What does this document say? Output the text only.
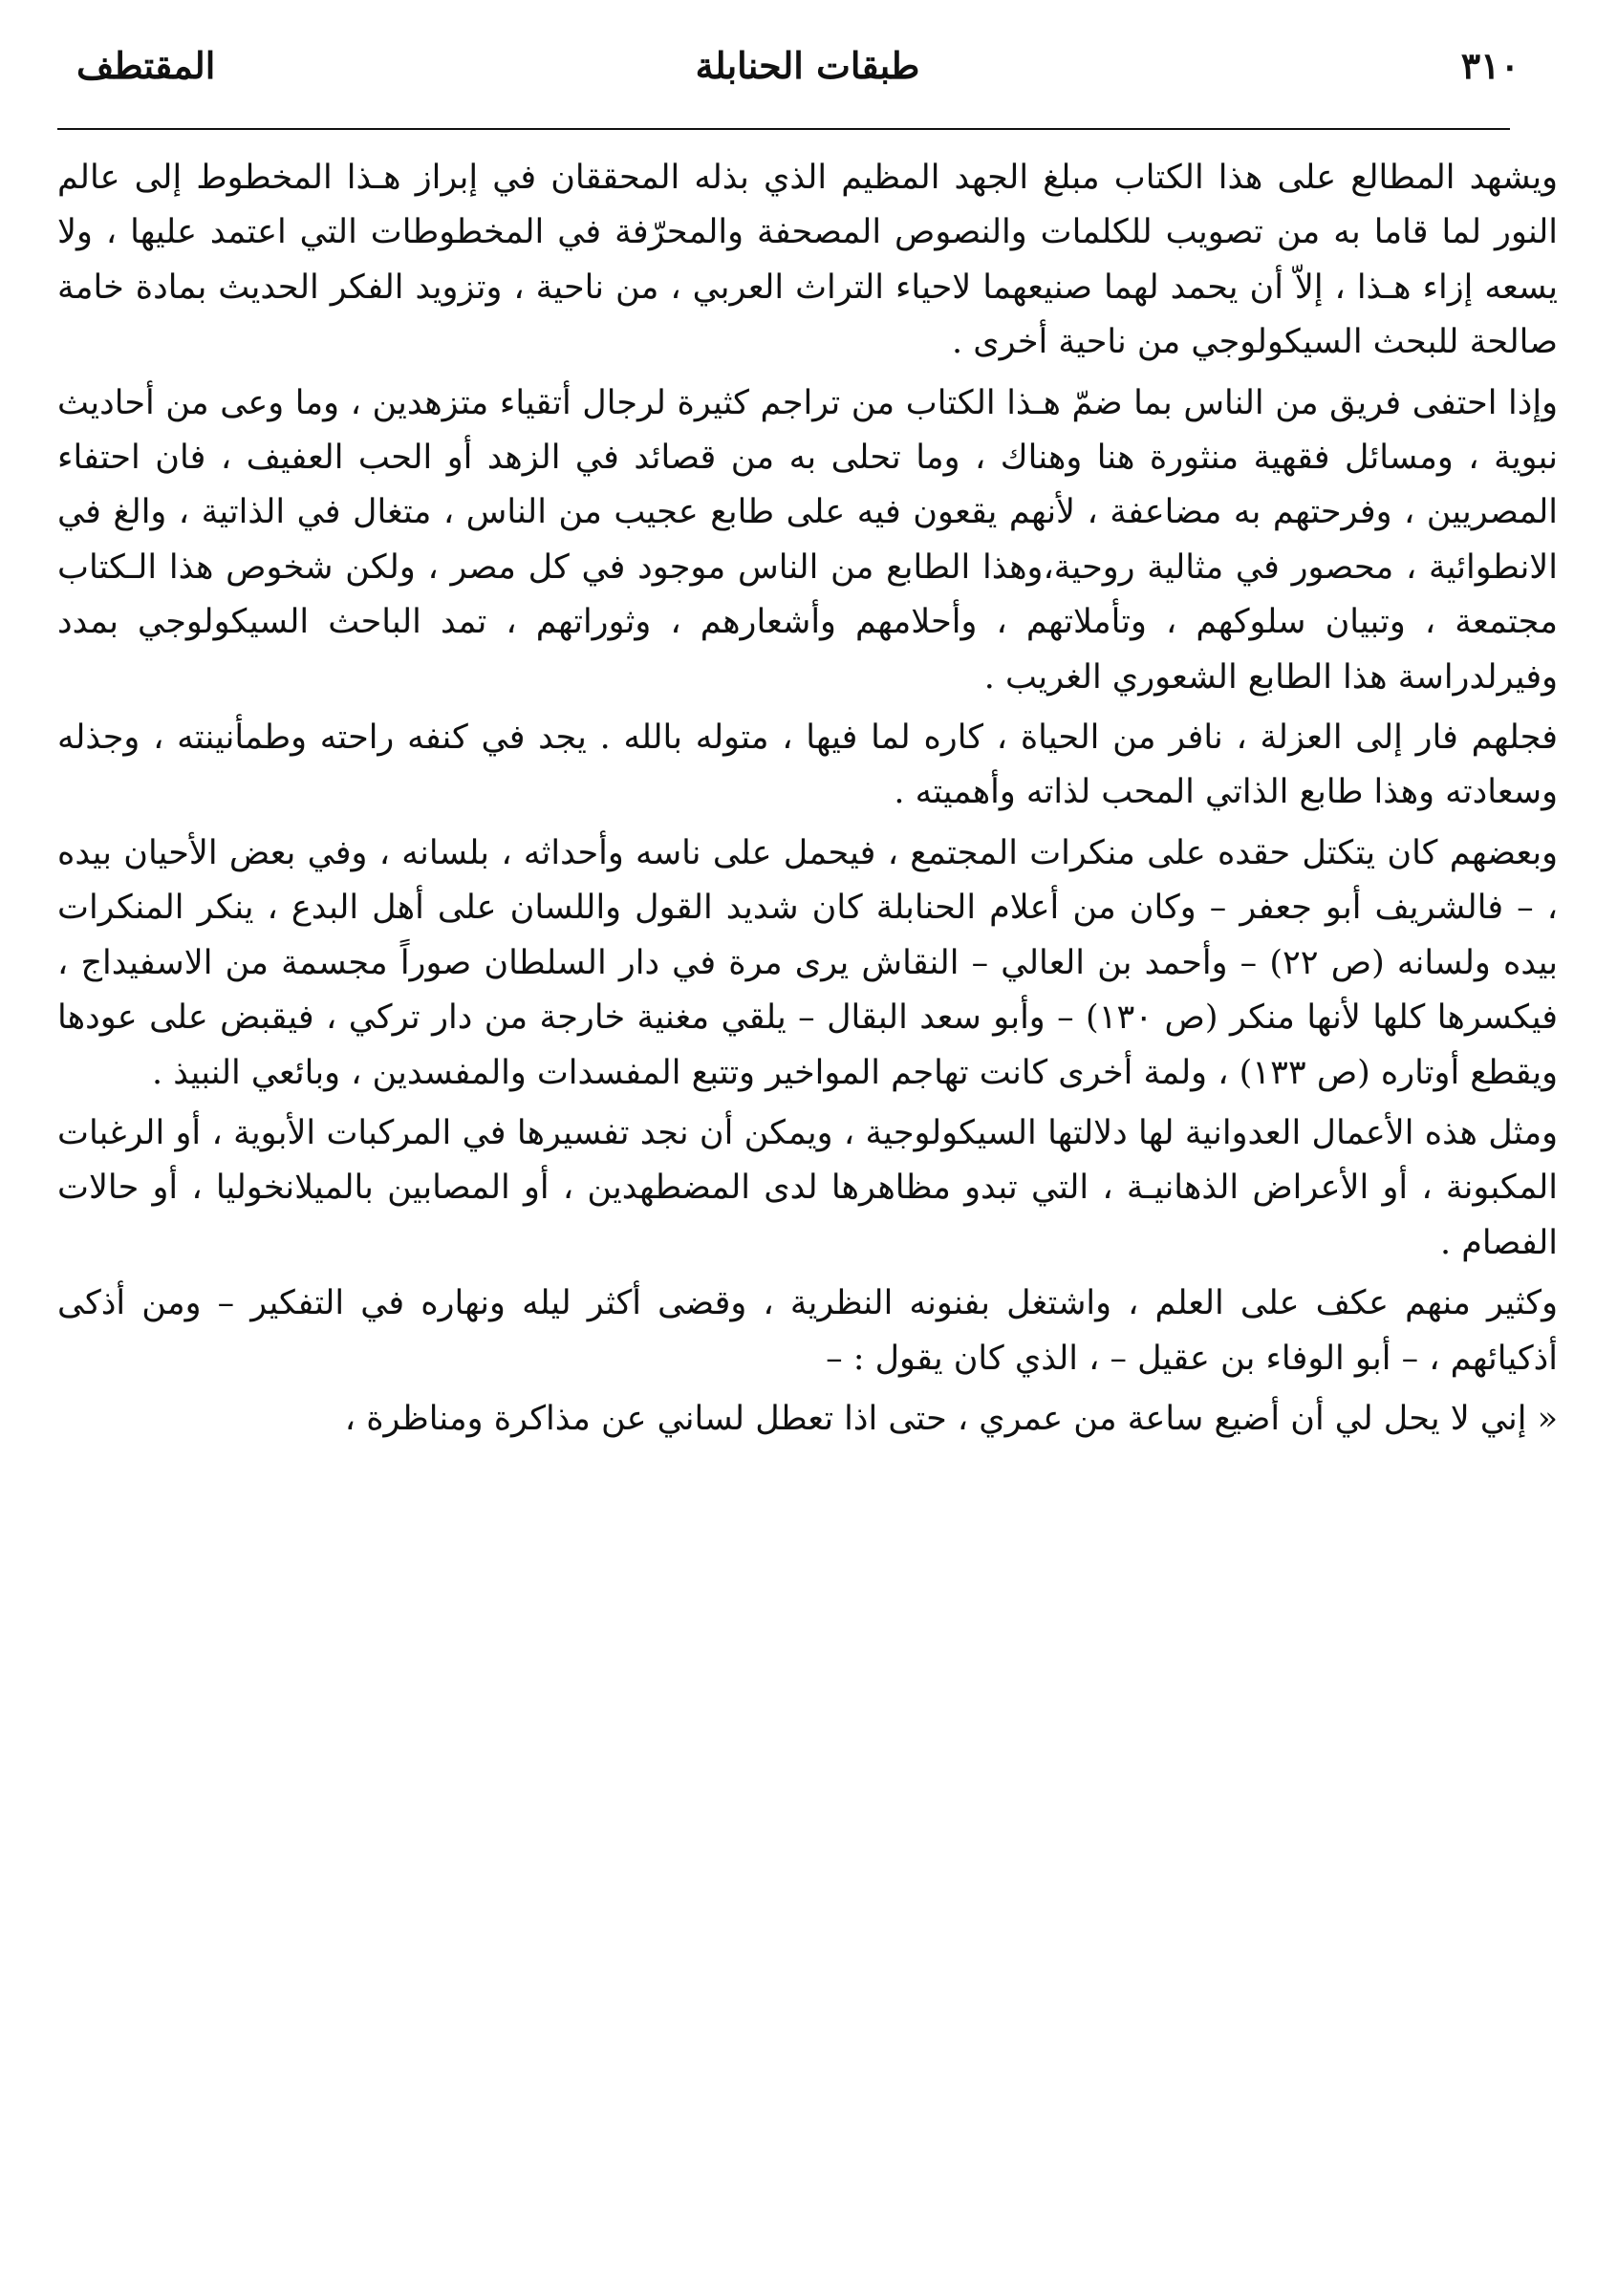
٣١٠
طبقات الحنابلة
المقتطف

ويشهد المطالع على هذا الكتاب مبلغ الجهد المظيم الذي بذله المحققان في إبراز هـذا المخطوط إلى عالم النور لما قاما به من تصويب للكلمات والنصوص المصحفة والمحرّفة في المخطوطات التي اعتمد عليها ، ولا يسعه إزاء هـذا ، إلاّ أن يحمد لهما صنيعهما لاحياء التراث العربي ، من ناحية ، وتزويد الفكر الحديث بمادة خامة صالحة للبحث السيكولوجي من ناحية أخرى .

وإذا احتفى فريق من الناس بما ضمّ هـذا الكتاب من تراجم كثيرة لرجال أتقياء متزهدين ، وما وعى من أحاديث نبوية ، ومسائل فقهية منثورة هنا وهناك ، وما تحلى به من قصائد في الزهد أو الحب العفيف ، فان احتفاء المصريين ، وفرحتهم به مضاعفة ، لأنهم يقعون فيه على طابع عجيب من الناس ، متغال في الذاتية ، والغ في الانطوائية ، محصور في مثالية روحية،وهذا الطابع من الناس موجود في كل مصر ، ولكن شخوص هذا الـكتاب مجتمعة ، وتبيان سلوكهم ، وتأملاتهم ، وأحلامهم وأشعارهم ، وثوراتهم ، تمد الباحث السيكولوجي بمدد وفيرلدراسة هذا الطابع الشعوري الغريب .

فجلهم فار إلى العزلة ، نافر من الحياة ، كاره لما فيها ، متوله بالله . يجد في كنفه راحته وطمأنينته ، وجذله وسعادته وهذا طابع الذاتي المحب لذاته وأهميته .

وبعضهم كان يتكتل حقده على منكرات المجتمع ، فيحمل على ناسه وأحداثه ، بلسانه ، وفي بعض الأحيان بيده ، – فالشريف أبو جعفر – وكان من أعلام الحنابلة كان شديد القول واللسان على أهل البدع ، ينكر المنكرات بيده ولسانه (ص ٢٢) – وأحمد بن العالي – النقاش يرى مرة في دار السلطان صوراً مجسمة من الاسفيداج ، فيكسرها كلها لأنها منكر (ص ١٣٠) – وأبو سعد البقال – يلقي مغنية خارجة من دار تركي ، فيقبض على عودها ويقطع أوتاره (ص ١٣٣) ، ولمة أخرى كانت تهاجم المواخير وتتبع المفسدات والمفسدين ، وبائعي النبيذ .

ومثل هذه الأعمال العدوانية لها دلالتها السيكولوجية ، ويمكن أن نجد تفسيرها في المركبات الأبوية ، أو الرغبات المكبونة ، أو الأعراض الذهانيـة ، التي تبدو مظاهرها لدى المضطهدين ، أو المصابين بالميلانخوليا ، أو حالات الفصام .

وكثير منهم عكف على العلم ، واشتغل بفنونه النظرية ، وقضى أكثر ليله ونهاره في التفكير – ومن أذكى أذكيائهم ، – أبو الوفاء بن عقيل – ، الذي كان يقول : –

« إني لا يحل لي أن أضيع ساعة من عمري ، حتى اذا تعطل لساني عن مذاكرة ومناظرة ،
